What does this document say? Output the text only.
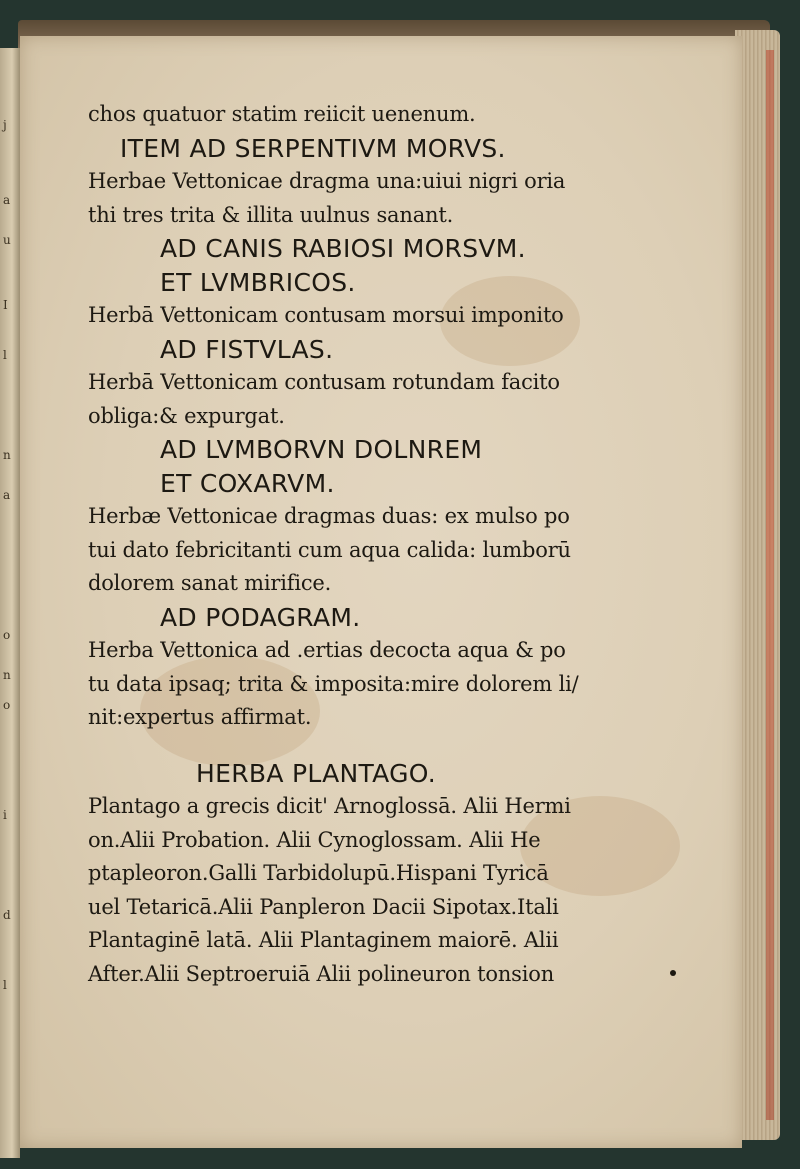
j
a
u
I
l
n
a
o
n
o
i
d
l
chos quatuor statim reiicit uenenum.
ITEM AD SERPENTIVM MORVS.
Herbae Vettonicae dragma una:uiui nigri oria
thi tres trita & illita uulnus sanant.
AD CANIS RABIOSI MORSVM.
ET LVMBRICOS.
Herbā Vettonicam contusam morsui imponito
AD FISTVLAS.
Herbā Vettonicam contusam rotundam facito
obliga:& expurgat.
AD LVMBORVN DOLNREM
ET COXARVM.
Herbæ Vettonicae dragmas duas: ex mulso po
tui dato febricitanti cum aqua calida: lumborū
dolorem sanat mirifice.
AD PODAGRAM.
Herba Vettonica ad .ertias decocta aqua & po
tu data ipsaq; trita & imposita:mire dolorem li/
nit:expertus affirmat.
HERBA PLANTAGO.
Plantago a grecis dicit' Arnoglossā. Alii Hermi
on.Alii Probation. Alii Cynoglossam. Alii He
ptapleoron.Galli Tarbidolupū.Hispani Tyricā
uel Tetaricā.Alii Panpleron Dacii Sipotax.Itali
Plantaginē latā. Alii Plantaginem maiorē. Alii
After.Alii Septroeruiā Alii polineuron tonsion
